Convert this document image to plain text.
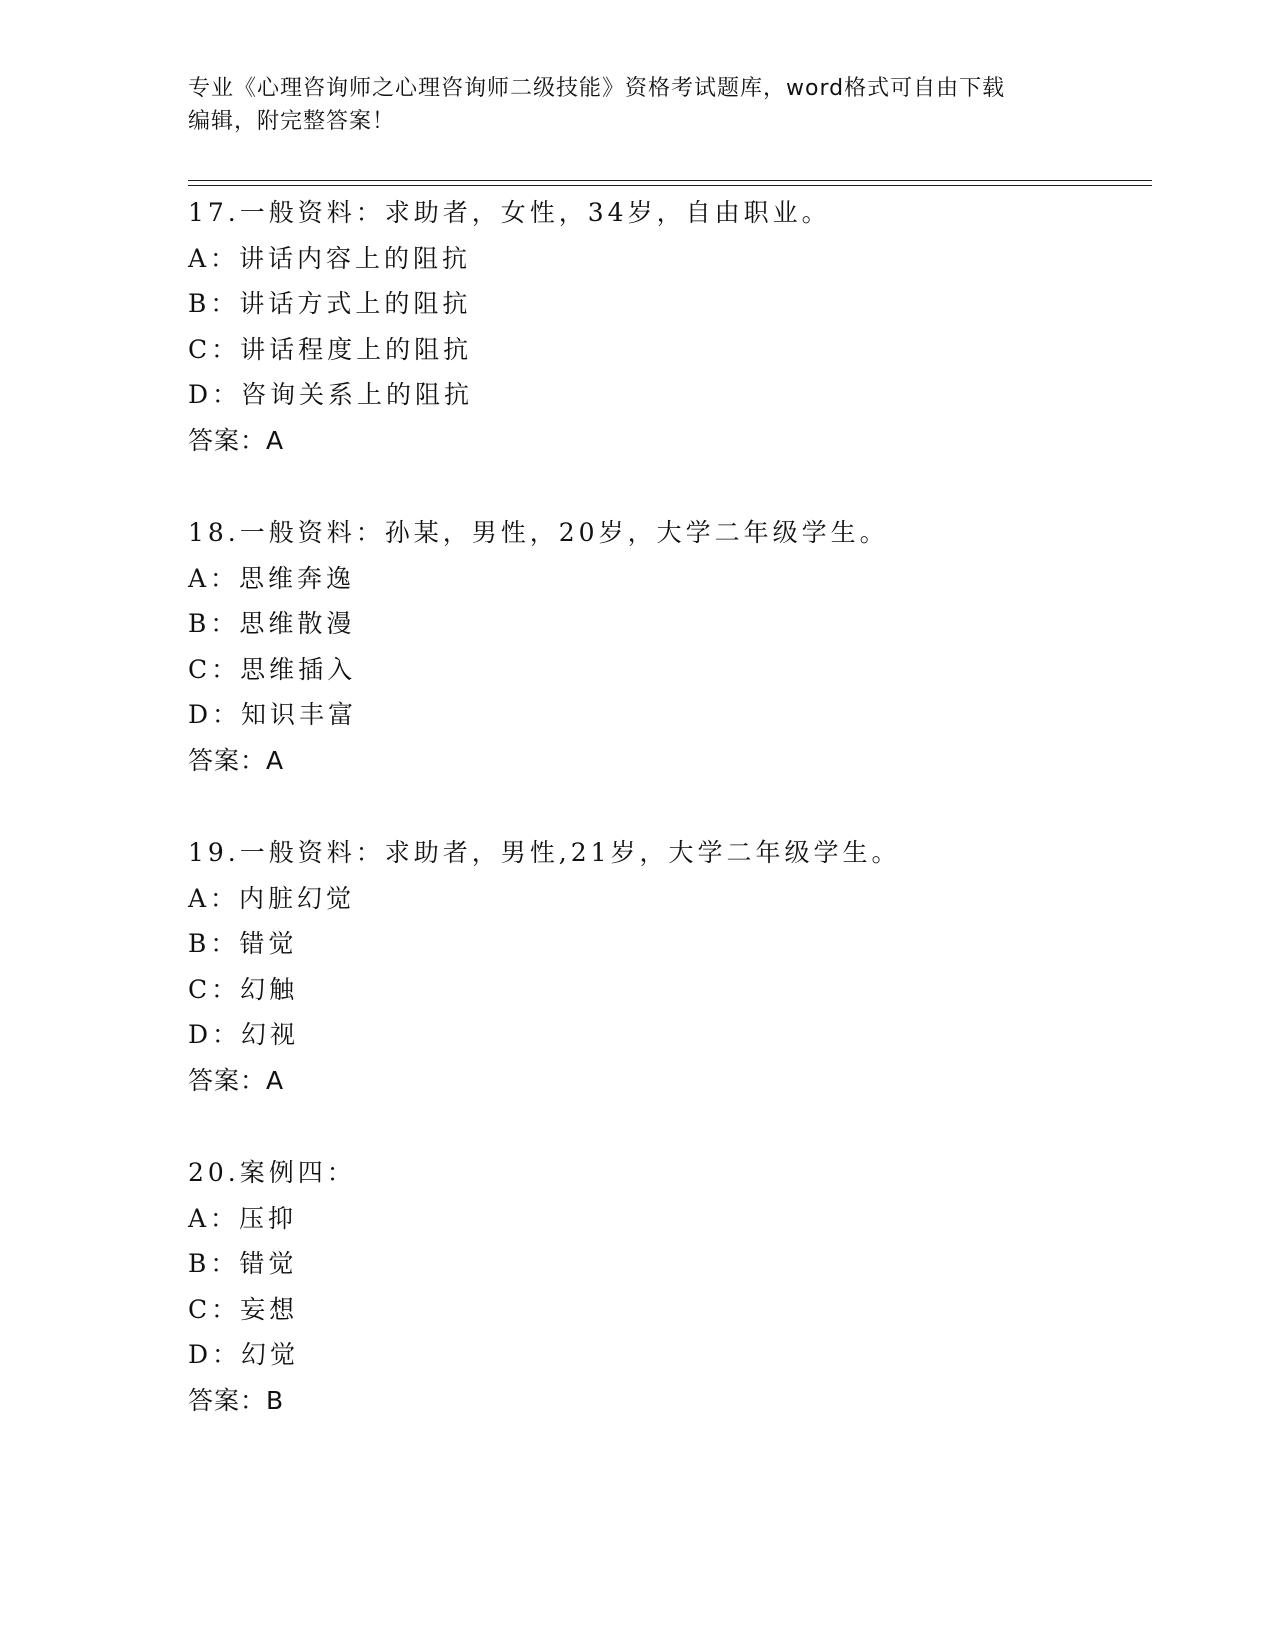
专业《心理咨询师之心理咨询师二级技能》资格考试题库，word格式可自由下载
编辑，附完整答案！
17.一般资料：求助者，女性，34岁，自由职业。
A：讲话内容上的阻抗
B：讲话方式上的阻抗
C：讲话程度上的阻抗
D：咨询关系上的阻抗
答案：A
18.一般资料：孙某，男性，20岁，大学二年级学生。
A：思维奔逸
B：思维散漫
C：思维插入
D：知识丰富
答案：A
19.一般资料：求助者，男性,21岁，大学二年级学生。
A：内脏幻觉
B：错觉
C：幻触
D：幻视
答案：A
20.案例四：
A：压抑
B：错觉
C：妄想
D：幻觉
答案：B
